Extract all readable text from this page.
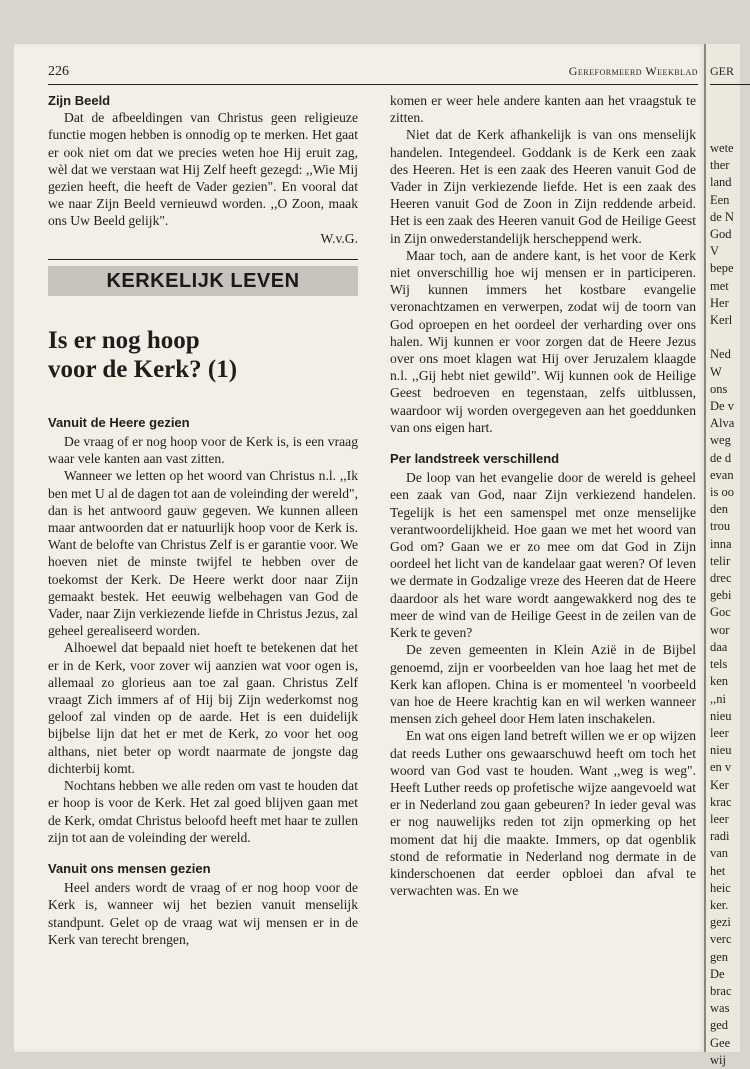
226	Gereformeerd Weekblad
Zijn Beeld

Dat de afbeeldingen van Christus geen religieuze functie mogen hebben is onnodig op te merken. Het gaat er ook niet om dat we precies weten hoe Hij eruit zag, wèl dat we verstaan wat Hij Zelf heeft gezegd: ,,Wie Mij gezien heeft, die heeft de Vader gezien". En vooral dat we naar Zijn Beeld vernieuwd worden. ,,O Zoon, maak ons Uw Beeld gelijk".

W.v.G.
KERKELIJK LEVEN
Is er nog hoop
voor de Kerk? (1)
Vanuit de Heere gezien

De vraag of er nog hoop voor de Kerk is, is een vraag waar vele kanten aan vast zitten.

Wanneer we letten op het woord van Christus n.l. ,,Ik ben met U al de dagen tot aan de voleinding der wereld", dan is het antwoord gauw gegeven. We kunnen alleen maar antwoorden dat er natuurlijk hoop voor de Kerk is. Want de belofte van Christus Zelf is er garantie voor. We hoeven niet de minste twijfel te hebben over de toekomst der Kerk. De Heere werkt door naar Zijn gemaakt bestek. Het eeuwig welbehagen van God de Vader, naar Zijn verkiezende liefde in Christus Jezus, zal geheel gerealiseerd worden.

Alhoewel dat bepaald niet hoeft te betekenen dat het er in de Kerk, voor zover wij aanzien wat voor ogen is, allemaal zo glorieus aan toe zal gaan. Christus Zelf vraagt Zich immers af of Hij bij Zijn wederkomst nog geloof zal vinden op de aarde. Het is een duidelijk bijbelse lijn dat het er met de Kerk, zo voor het oog althans, niet beter op wordt naarmate de jongste dag dichterbij komt.

Nochtans hebben we alle reden om vast te houden dat er hoop is voor de Kerk. Het zal goed blijven gaan met de Kerk, omdat Christus beloofd heeft met haar te zullen zijn tot aan de voleinding der wereld.

Vanuit ons mensen gezien

Heel anders wordt de vraag of er nog hoop voor de Kerk is, wanneer wij het bezien vanuit menselijk standpunt. Gelet op de vraag wat wij mensen er in de Kerk van terecht brengen,

komen er weer hele andere kanten aan het vraagstuk te zitten.

Niet dat de Kerk afhankelijk is van ons menselijk handelen. Integendeel. Goddank is de Kerk een zaak des Heeren. Het is een zaak des Heeren vanuit God de Vader in Zijn verkiezende liefde. Het is een zaak des Heeren vanuit God de Zoon in Zijn reddende arbeid. Het is een zaak des Heeren vanuit God de Heilige Geest in Zijn onwederstandelijk herscheppend werk.

Maar toch, aan de andere kant, is het voor de Kerk niet onverschillig hoe wij mensen er in participeren. Wij kunnen immers het kostbare evangelie veronachtzamen en verwerpen, zodat wij de toorn van God oproepen en het oordeel der verharding over ons halen. Wij kunnen er voor zorgen dat de Heere Jezus over ons moet klagen wat Hij over Jeruzalem klaagde n.l. ,,Gij hebt niet gewild". Wij kunnen ook de Heilige Geest bedroeven en tegenstaan, zelfs uitblussen, waardoor wij worden overgegeven aan het goeddunken van ons eigen hart.

Per landstreek verschillend

De loop van het evangelie door de wereld is geheel een zaak van God, naar Zijn verkiezend handelen. Tegelijk is het een samenspel met onze menselijke verantwoordelijkheid. Hoe gaan we met het woord van God om? Gaan we er zo mee om dat God in Zijn oordeel het licht van de kandelaar gaat weren? Of leven we dermate in Godzalige vreze des Heeren dat de Heere daardoor als het ware wordt aangewakkerd nog des te meer de wind van de Heilige Geest in de zeilen van de Kerk te geven?

De zeven gemeenten in Klein Azië in de Bijbel genoemd, zijn er voorbeelden van hoe laag het met de Kerk kan aflopen. China is er momenteel 'n voorbeeld van hoe de Heere krachtig kan en wil werken wanneer mensen zich geheel door Hem laten inschakelen.

En wat ons eigen land betreft willen we er op wijzen dat reeds Luther ons gewaarschuwd heeft om toch het woord van God vast te houden. Want ,,weg is weg". Heeft Luther reeds op profetische wijze aangevoeld wat er in Nederland zou gaan gebeuren? In ieder geval was er nog nauwelijks reden tot zijn opmerking op het moment dat hij die maakte. Immers, op dat ogenblik stond de reformatie in Nederland nog dermate in de kinderschoenen dat eerder opbloei dan afval te verwachten was. En we

GER
wete
ther
land
Een
de N
God
V
bepe
met
Her
Kerl

Ned
W
ons
De v
Alva
weg
de d
evan
is oo
den
trou
inna
telir
drec
gebi
Goc
wor
daa
tels
ken
,,ni
nieu
leer
nieu
en v
Ker
krac
leer
radi
van
het
heic
ker.
gezi
verc
gen
De
brac
was
ged
Gee
wij
